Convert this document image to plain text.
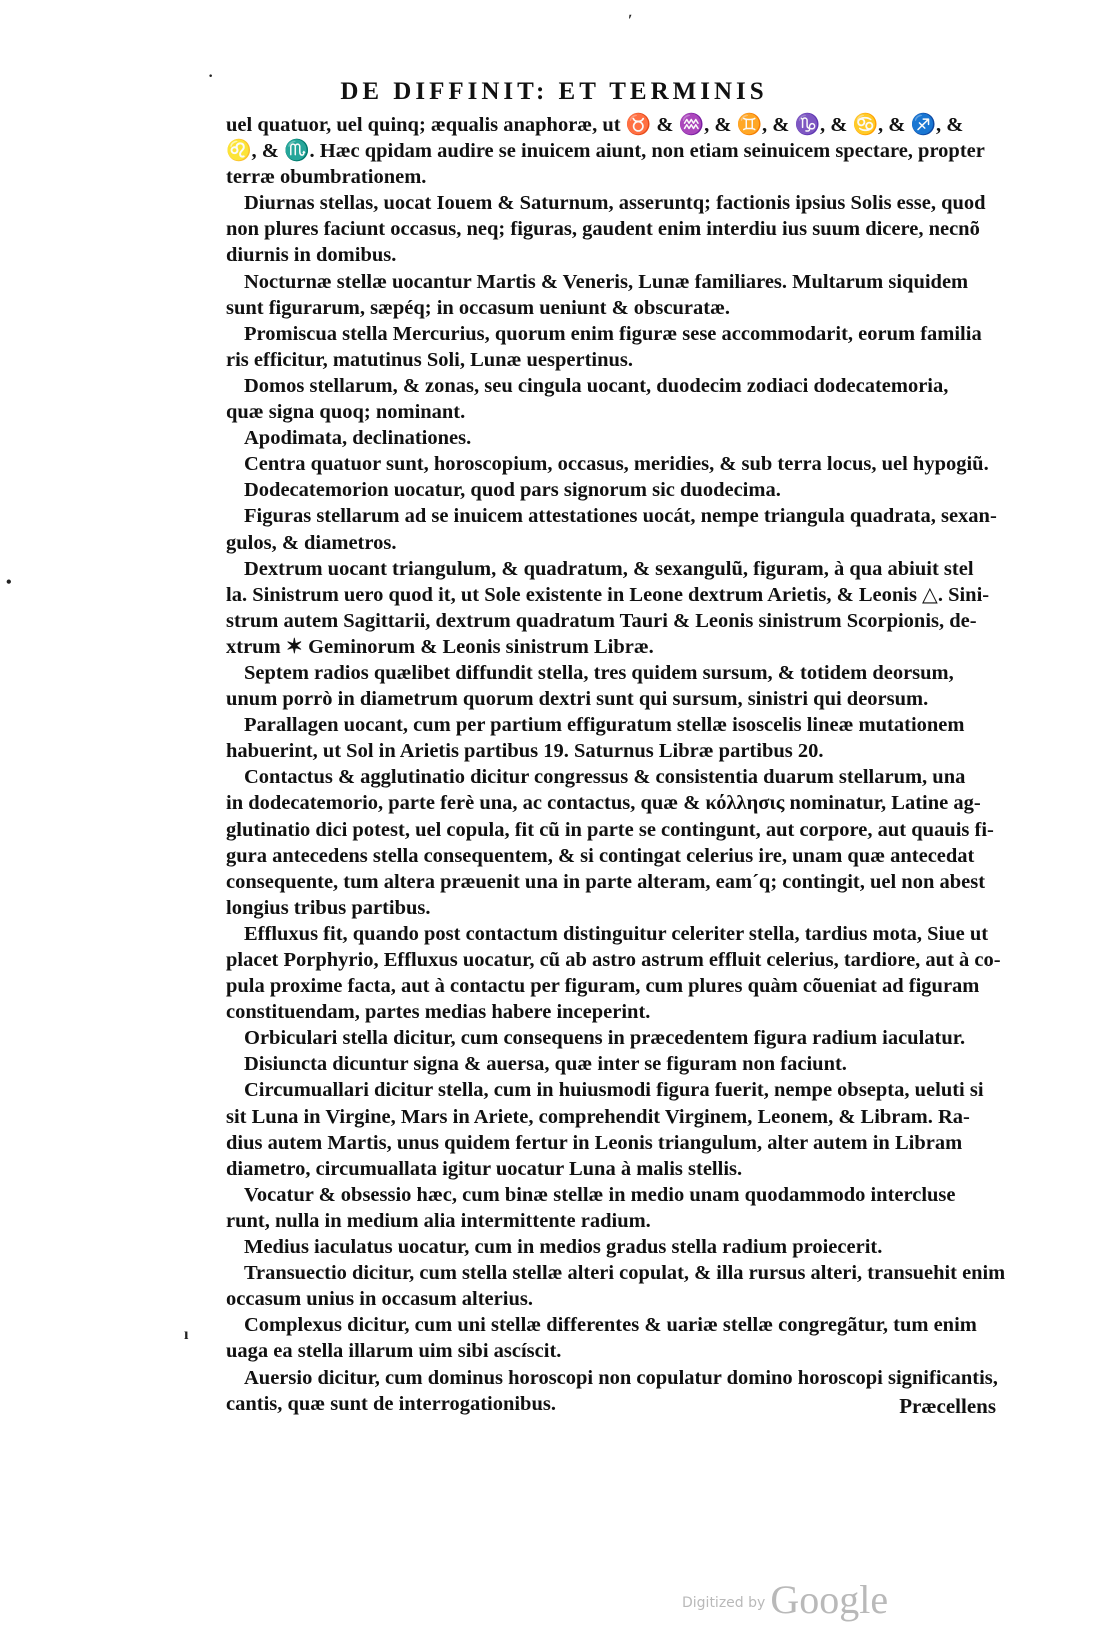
DE DIFFINIT: ET TERMINIS
uel quatuor, uel quinq; æqualis anaphoræ, ut ♉ & ♒, & ♊, & ♑, & ♋, & ♐, &
♌, & ♏. Hæc qpidam audire se inuicem aiunt, non etiam seinuicem spectare, propter
terræ obumbrationem.
Diurnas stellas, uocat Iouem & Saturnum, asseruntq; factionis ipsius Solis esse, quod
non plures faciunt occasus, neq; figuras, gaudent enim interdiu ius suum dicere, necnõ
diurnis in domibus.
Nocturnæ stellæ uocantur Martis & Veneris, Lunæ familiares. Multarum siquidem
sunt figurarum, sæpéq; in occasum ueniunt & obscuratæ.
Promiscua stella Mercurius, quorum enim figuræ sese accommodarit, eorum familia
ris efficitur, matutinus Soli, Lunæ uespertinus.
Domos stellarum, & zonas, seu cingula uocant, duodecim zodiaci dodecatemoria,
quæ signa quoq; nominant.
Apodimata, declinationes.
Centra quatuor sunt, horoscopium, occasus, meridies, & sub terra locus, uel hypogiũ.
Dodecatemorion uocatur, quod pars signorum sic duodecima.
Figuras stellarum ad se inuicem attestationes uocát, nempe triangula quadrata, sexan-
gulos, & diametros.
Dextrum uocant triangulum, & quadratum, & sexangulũ, figuram, à qua abiuit stel
la. Sinistrum uero quod it, ut Sole existente in Leone dextrum Arietis, & Leonis △. Sini-
strum autem Sagittarii, dextrum quadratum Tauri & Leonis sinistrum Scorpionis, de-
xtrum ✶ Geminorum & Leonis sinistrum Libræ.
Septem radios quælibet diffundit stella, tres quidem sursum, & totidem deorsum,
unum porrò in diametrum quorum dextri sunt qui sursum, sinistri qui deorsum.
Parallagen uocant, cum per partium effiguratum stellæ isoscelis lineæ mutationem
habuerint, ut Sol in Arietis partibus 19. Saturnus Libræ partibus 20.
Contactus & agglutinatio dicitur congressus & consistentia duarum stellarum, una
in dodecatemorio, parte ferè una, ac contactus, quæ & κόλλησις nominatur, Latine ag-
glutinatio dici potest, uel copula, fit cũ in parte se contingunt, aut corpore, aut quauis fi-
gura antecedens stella consequentem, & si contingat celerius ire, unam quæ antecedat
consequente, tum altera præuenit una in parte alteram, eam´q; contingit, uel non abest
longius tribus partibus.
Effluxus fit, quando post contactum distinguitur celeriter stella, tardius mota, Siue ut
placet Porphyrio, Effluxus uocatur, cũ ab astro astrum effluit celerius, tardiore, aut à co-
pula proxime facta, aut à contactu per figuram, cum plures quàm cõueniat ad figuram
constituendam, partes medias habere inceperint.
Orbiculari stella dicitur, cum consequens in præcedentem figura radium iaculatur.
Disiuncta dicuntur signa & auersa, quæ inter se figuram non faciunt.
Circumuallari dicitur stella, cum in huiusmodi figura fuerit, nempe obsepta, ueluti si
sit Luna in Virgine, Mars in Ariete, comprehendit Virginem, Leonem, & Libram. Ra-
dius autem Martis, unus quidem fertur in Leonis triangulum, alter autem in Libram
diametro, circumuallata igitur uocatur Luna à malis stellis.
Vocatur & obsessio hæc, cum binæ stellæ in medio unam quodammodo intercluse
runt, nulla in medium alia intermittente radium.
Medius iaculatus uocatur, cum in medios gradus stella radium proiecerit.
Transuectio dicitur, cum stella stellæ alteri copulat, & illa rursus alteri, transuehit enim
occasum unius in occasum alterius.
Complexus dicitur, cum uni stellæ differentes & uariæ stellæ congregãtur, tum enim
uaga ea stella illarum uim sibi ascíscit.
Auersio dicitur, cum dominus horoscopi non copulatur domino horoscopi significantis,
cantis, quæ sunt de interrogationibus.	Præcellens
ʹ
·
•
ı
Digitized by Google
